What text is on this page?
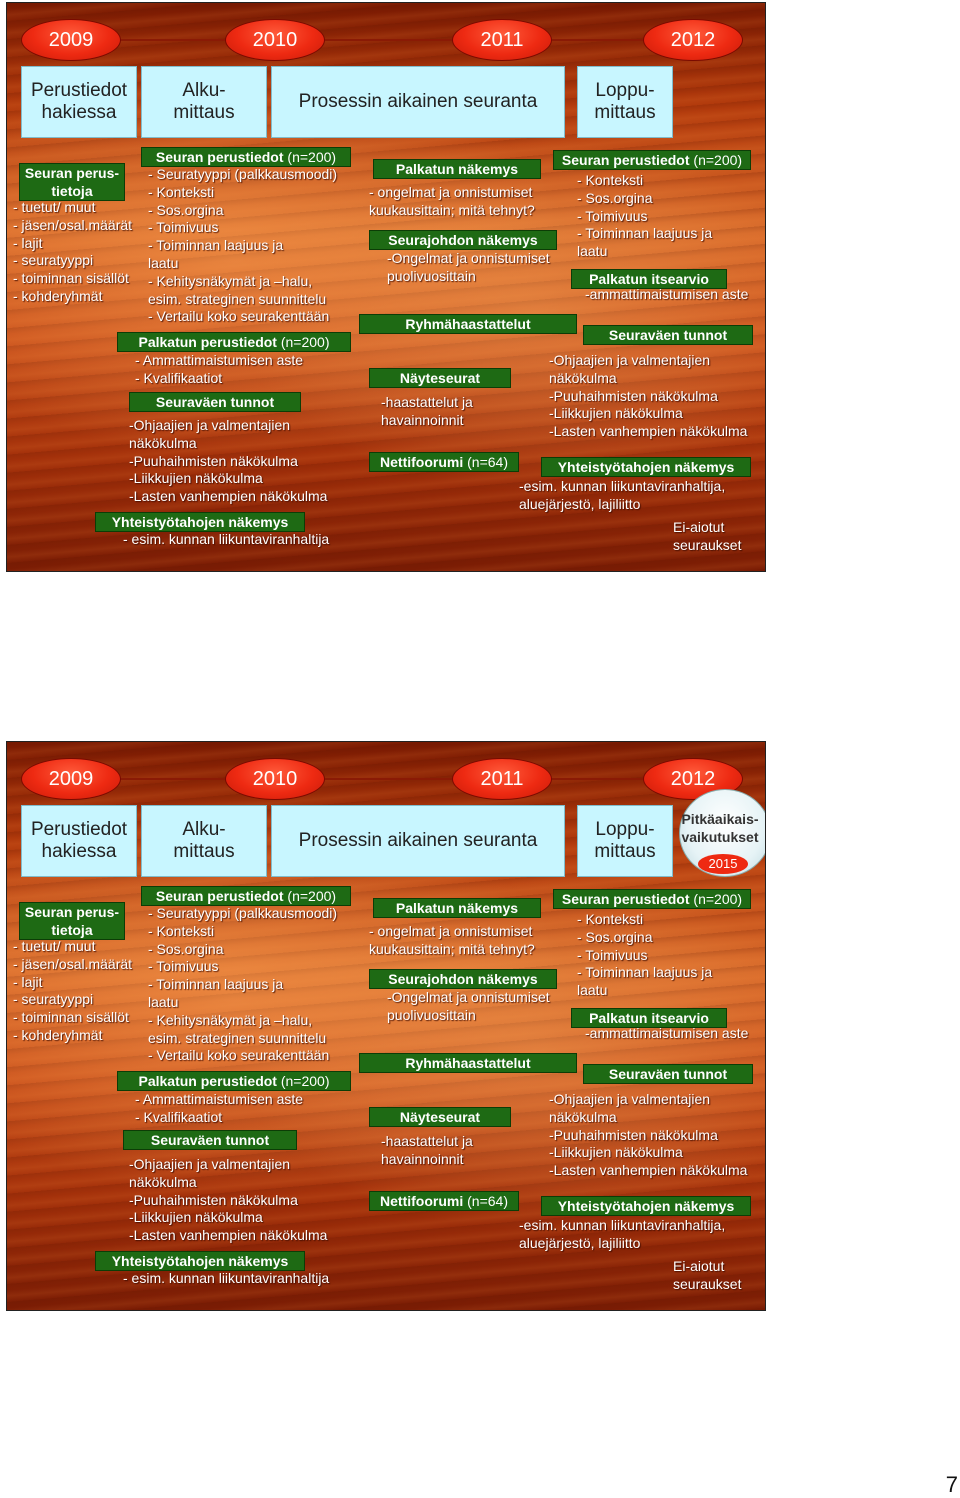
2009	2010	2011	2012
Perustiedot
hakiessa
Alku-
mittaus
Prosessin aikainen seuranta
Loppu-
mittaus
Seuran perus-
tietoja
- tuetut/ muut
- jäsen/osal.määrät
- lajit
- seuratyyppi
- toiminnan sisällöt
- kohderyhmät
Seuran perustiedot (n=200)
- Seuratyyppi (palkkausmoodi)
- Konteksti
- Sos.orgina
- Toimivuus
- Toiminnan laajuus ja
laatu
- Kehitysnäkymät ja –halu,
esim. strateginen suunnittelu
- Vertailu koko seurakenttään
Palkatun perustiedot (n=200)
- Ammattimaistumisen aste
- Kvalifikaatiot
Seuraväen tunnot
-Ohjaajien ja valmentajien
näkökulma
-Puuhaihmisten näkökulma
-Liikkujien näkökulma
-Lasten vanhempien näkökulma
Yhteistyötahojen näkemys
- esim. kunnan liikuntaviranhaltija
Palkatun näkemys
- ongelmat ja onnistumiset
kuukausittain; mitä tehnyt?
Seurajohdon näkemys
-Ongelmat ja onnistumiset
puolivuosittain
Ryhmähaastattelut
Näyteseurat
-haastattelut ja
havainnoinnit
Nettifoorumi (n=64)
Seuran perustiedot (n=200)
- Konteksti
- Sos.orgina
- Toimivuus
- Toiminnan laajuus ja
laatu
Palkatun itsearvio
-ammattimaistumisen aste
Seuraväen tunnot
-Ohjaajien ja valmentajien
näkökulma
-Puuhaihmisten näkökulma
-Liikkujien näkökulma
-Lasten vanhempien näkökulma
Yhteistyötahojen näkemys
-esim. kunnan liikuntaviranhaltija,
aluejärjestö, lajiliitto
Ei-aiotut
seuraukset
2009	2010	2011	2012
Perustiedot
hakiessa
Alku-
mittaus
Prosessin aikainen seuranta
Loppu-
mittaus
Pitkäaikais-
vaikutukset
2015
Seuran perus-
tietoja
- tuetut/ muut
- jäsen/osal.määrät
- lajit
- seuratyyppi
- toiminnan sisällöt
- kohderyhmät
Seuran perustiedot (n=200)
- Seuratyyppi (palkkausmoodi)
- Konteksti
- Sos.orgina
- Toimivuus
- Toiminnan laajuus ja
laatu
- Kehitysnäkymät ja –halu,
esim. strateginen suunnittelu
- Vertailu koko seurakenttään
Palkatun perustiedot (n=200)
- Ammattimaistumisen aste
- Kvalifikaatiot
Seuraväen tunnot
-Ohjaajien ja valmentajien
näkökulma
-Puuhaihmisten näkökulma
-Liikkujien näkökulma
-Lasten vanhempien näkökulma
Yhteistyötahojen näkemys
- esim. kunnan liikuntaviranhaltija
Palkatun näkemys
- ongelmat ja onnistumiset
kuukausittain; mitä tehnyt?
Seurajohdon näkemys
-Ongelmat ja onnistumiset
puolivuosittain
Ryhmähaastattelut
Näyteseurat
-haastattelut ja
havainnoinnit
Nettifoorumi (n=64)
Seuran perustiedot (n=200)
- Konteksti
- Sos.orgina
- Toimivuus
- Toiminnan laajuus ja
laatu
Palkatun itsearvio
-ammattimaistumisen aste
Seuraväen tunnot
-Ohjaajien ja valmentajien
näkökulma
-Puuhaihmisten näkökulma
-Liikkujien näkökulma
-Lasten vanhempien näkökulma
Yhteistyötahojen näkemys
-esim. kunnan liikuntaviranhaltija,
aluejärjestö, lajiliitto
Ei-aiotut
seuraukset
7
